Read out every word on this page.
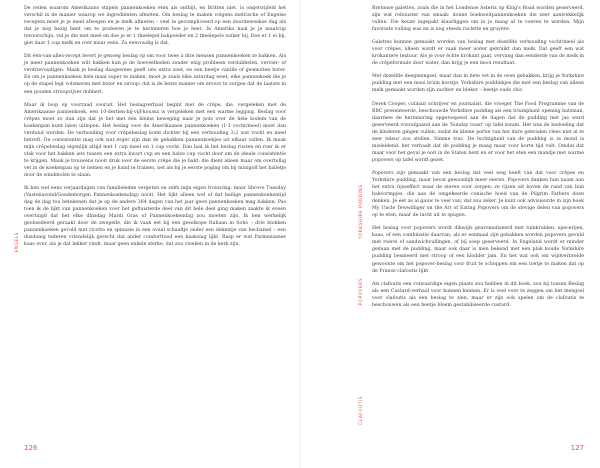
De reden waarom Amerikaans stapels pannenkoeken eten als ontbijt, en Britten niet, is ongetwijfeld het verschil in de manier waarop we ingrediënten afmeten. Om beslag te maken volgens metrische of Engelse recepten moet je je meel afwegen en je melk afmeten – veel te gecompliceerd op een doordeweekse dag als dat je nog bezig bent om te proberen je te herinneren hoe je heet. In Amerika haal je je maatcup tevoorschijn, vul je die met meel en doe je er 1 theelepel bakpoeder en 2 theelepels suiker bij. Doe er 1 ei bij, giet daar 1 cup melk en roer maar eens. Zo eenvoudig is dat.

Dit één-van-alles-recept levert je genoeg beslag op om voor twee à drie mensen pannenkoeken te bakken. Als je meer pannenkoeken wilt bakken kun je de hoeveelheden zonder enig probleem verdubbelen, vervier- of verdrievoudigen. Maak je beslag daagewees geeft iets extra zoet, en een beetje vanille of gesmolten boter. En om je pannenkoeken hele maal super te maken, moet je zoals elke zaterdag weet, elke pannenkoek die je op de stapel legt volsmeren met boter en siroop: dat is de beste manier om ervoor te zorgen dat de laatste in een gouden stroopvijver dobbert.

Maar ik loop op voorraad vooruit. Het beslagverhaal begint met de crêpe, die, vergeleken met de Amerikaanse pannenkoek, een 10-dertien-bij-vijf-koussa is vergeleken met een warme legging. Beslag voor crêpes moet zo dun zijn dat je het met één kleine beweging naar je pols over de hele bodem van de koekenpan kunt laten uitlopen. Het beslag voor de Amerikaanse pannenkoeken (1-1 vocht/meel) moet dan verdund worden. De verhouding voor crêpebeslag komt dichter bij een verhouding 3:2 wat vocht en meel betreft. De consistentie mag ook wat erger zijn dan de gebakken pannenkoekjes uit elkaar vallen. Ik maak mijn crêpebeslag eigenlijk altijd met 1 cup meel en 1 cup vocht. Dan laat ik het beslag rusten en roer ik er vlak voor het bakken iets tussen een extra kwart cup en een halve cup vocht door om de ideale consistentie te krijgen. Maak je trouwens nooit druk over de eerste crêpe die je bakt: die dient alleen maar om overtollig vet in de koekenpan op te nemen en je hand te trainen, net als bij je eerste poging om bij minigolf het balletje door de windmolen te slaan.

Ik ben wel eens verjaardagen van familieleden vergeten en zelfs mijn eigen trouwdag, maar Shrove Tuesday (Vastenavond/Goedemorgen Pannenkoekendag) nooit. Het lijkt alleen wel of dat heilige pannenkoekentijd dag de dag tou betekenen dat je op de andere 364 dagen van het jaar geen pannenkoeken mag bakken. Pas toen ik de lijkt van pannenkoeken voor het gefluisterde deel van dit hele deel ging maken zaakte ik eveen overtuigd dat het elke dinsdag Mardi Gras of Pannenkoekendag zou moeten zijn. Ik ben werkelijk geobsedeerd geraakt door de zwepelle, die ik vaak eet bij een geselkope Italiaan in Soho – drie blokken pannenkoeken gevuld met ricotta en spinazie in een ovaal schaaltje onder een dekentje van bechamel – een dusdanig tederen vriendelijk gerecht dat ander comfortfood een kaakslag lijkt. Rasp er wat Parmezaanse kaas over, als je dat lekker vindt, maar geen enkele sterke, dat zou vloeken in de kerk zijn.

ENGELS
126

Bretonse galettes, zoals die in het Londense Asterix op King's Road worden geserveerd, zijn wat robuuster van smaak: donne boekweitpannenkoeken die zeer aantrekkelijk vullen. Die keuze ingepakt klaarliggen om in je maag af te voeren te worden. Mijn favoriete vulling was en is nog steeds raclette en gruyère.

Galettes kunnen gemaakt worden van beslag met dezelfde verhouding vocht/meel als voor crêpes, alleen wordt er vaak meer water gebruikt dan melk. Dat geeft een wat krokantere textuur. Als je voor échte krokant gaat, vervang dan eenderde van de melk in de crêpeformule door water, dan krijg je een mooi resultaat.

Met dezelfde deegmengsel, maar dan in hete vet in de oven gebakken, krijg je Yorkshire pudding met een mooi bruin korstje. Yorkshire puddinkjes die met een beslag van alleen melk gemaakt worden zijn zachter en bleker – beetje oude chic.

Derek Cooper, culinair schrijver en journalist, die vroeger The Food Programme van de BBC presenteerde, beschouwde Yorkshire pudding als een triumphant opening batsman, daarmee de herinnering opgeroepend aan de dagen dat de pudding met jus werd geserveerd voorafgaand aan de 'Sunday roast' op tafel kwam. Het was de bedoeling dat de kinderen gingen vullen, zodat de kleine portie van het dure gebraden vlees niet al te zeer teleur zou stellen. Simme truc. De luchtigheid van de pudding is ia mond is misleidend: het verhaalt dat de pudding je maag maar voor korte tijd vult. Omdat dat maar voor het geval je ooit in de Staten bent en er voor het eten een mandje met warme popovers op tafel wordt gezet.

Popovers zijn gemaakt van een beslag dat veel weg heeft van dat voor crêpes en Yorkshire pudding, maar bevat gewoonlijk meer eieren. Popovers danken hun naam aan het extra rijsseffect waar de eieren voor zorgen: ze rijzen uit boven de rand van hun bakvormpjes, die aan de omgekeerde conische hoed van de Pilgrim Fathers doen denken. Je eet ze al gauw te veel van, dat zou zeker. Je kunt ook advisieurde in zijn boek My Uncle Tewwilliger on the Art of Eating Popovers om de stevige delen van popovers op te eten, maar de lucht uit te spugen.

Het beslag voor popovers wordt dikwijls gearomatiseerd met tuinkruiden, specerijen, kaas, of een combinatie daarvan; als er eenmaal zijn gebakken worden popovers gevuld met roerei of sandwichvullingen, of bij soep geserveerd. In Engeland wordt er minder gedaan met de pudding, maar ook daar is men bekend met een plak koude Yorkshire pudding besmeerd met stroop of een klodder jam. En het wat ook om wijdverbreide gewoonte om het popover-beslag voor fruit te schoppen om een toetje te maken dat op de Franse clafoutis lijkt.

Als clafoutis een volwaardige eigen plaats zou hebben in dit boek, zou hij tussen Beslag als een Custard-verhaal voor kunnen kennen. Er is veel voor te zeggen om het mengsel voor clafoutis als een beslag te zien, maar er zijn ook spelen om de clafoutis te beschouwen als een beetje bloem gestabiliseerde custard.

YORKSHIRE PUDDING
POPOVERS
CLAFOUTIS
127
